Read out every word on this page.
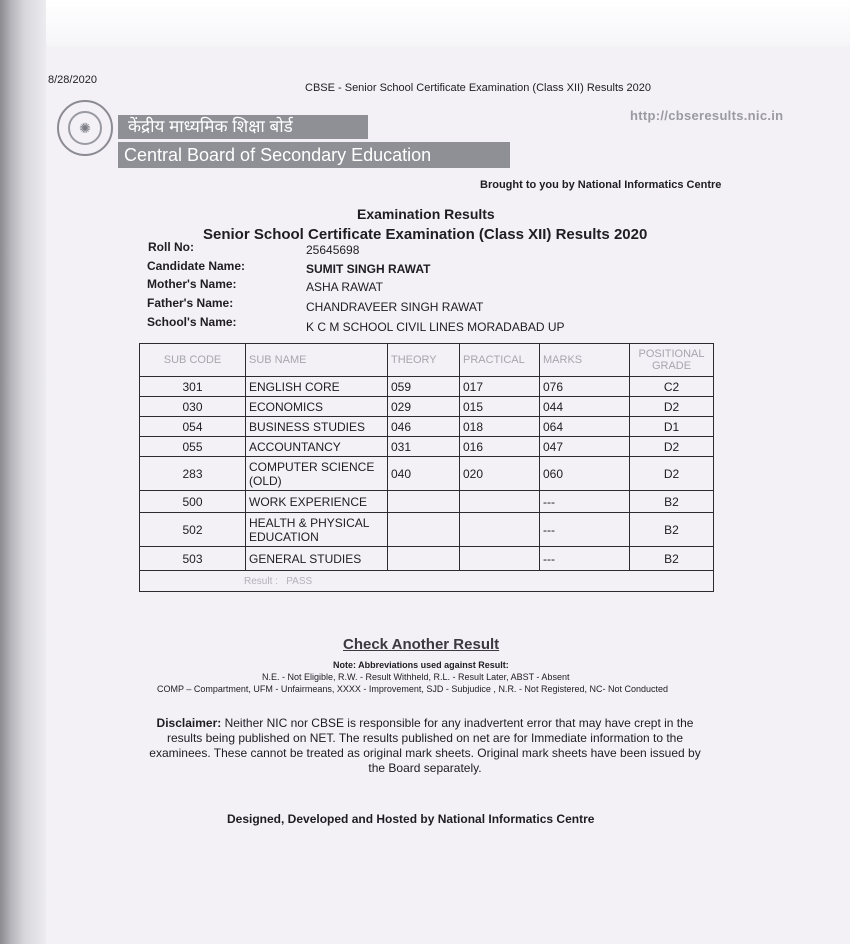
8/28/2020
CBSE - Senior School Certificate Examination (Class XII) Results 2020
http://cbseresults.nic.in
✺	केंद्रीय माध्यमिक शिक्षा बोर्ड
Central Board of Secondary Education
Brought to you by National Informatics Centre
Examination Results
Senior School Certificate Examination (Class XII) Results 2020
Roll No:	25645698
Candidate Name:	SUMIT SINGH RAWAT
Mother's Name:	ASHA RAWAT
Father's Name:	CHANDRAVEER SINGH RAWAT
School's Name:	K C M SCHOOL CIVIL LINES MORADABAD UP
SUB CODE	SUB NAME	THEORY	PRACTICAL	MARKS	POSITIONAL GRADE
301	ENGLISH CORE	059	017	076	C2
030	ECONOMICS	029	015	044	D2
054	BUSINESS STUDIES	046	018	064	D1
055	ACCOUNTANCY	031	016	047	D2
283	COMPUTER SCIENCE (OLD)	040	020	060	D2
500	WORK EXPERIENCE			---	B2
502	HEALTH & PHYSICAL EDUCATION			---	B2
503	GENERAL STUDIES			---	B2
Result : PASS					
Check Another Result
Note: Abbreviations used against Result:
N.E. - Not Eligible, R.W. - Result Withheld, R.L. - Result Later, ABST - Absent
COMP – Compartment, UFM - Unfairmeans, XXXX - Improvement, SJD - Subjudice , N.R. - Not Registered, NC- Not Conducted
Disclaimer: Neither NIC nor CBSE is responsible for any inadvertent error that may have crept in the results being published on NET. The results published on net are for Immediate information to the examinees. These cannot be treated as original mark sheets. Original mark sheets have been issued by the Board separately.
Designed, Developed and Hosted by National Informatics Centre
